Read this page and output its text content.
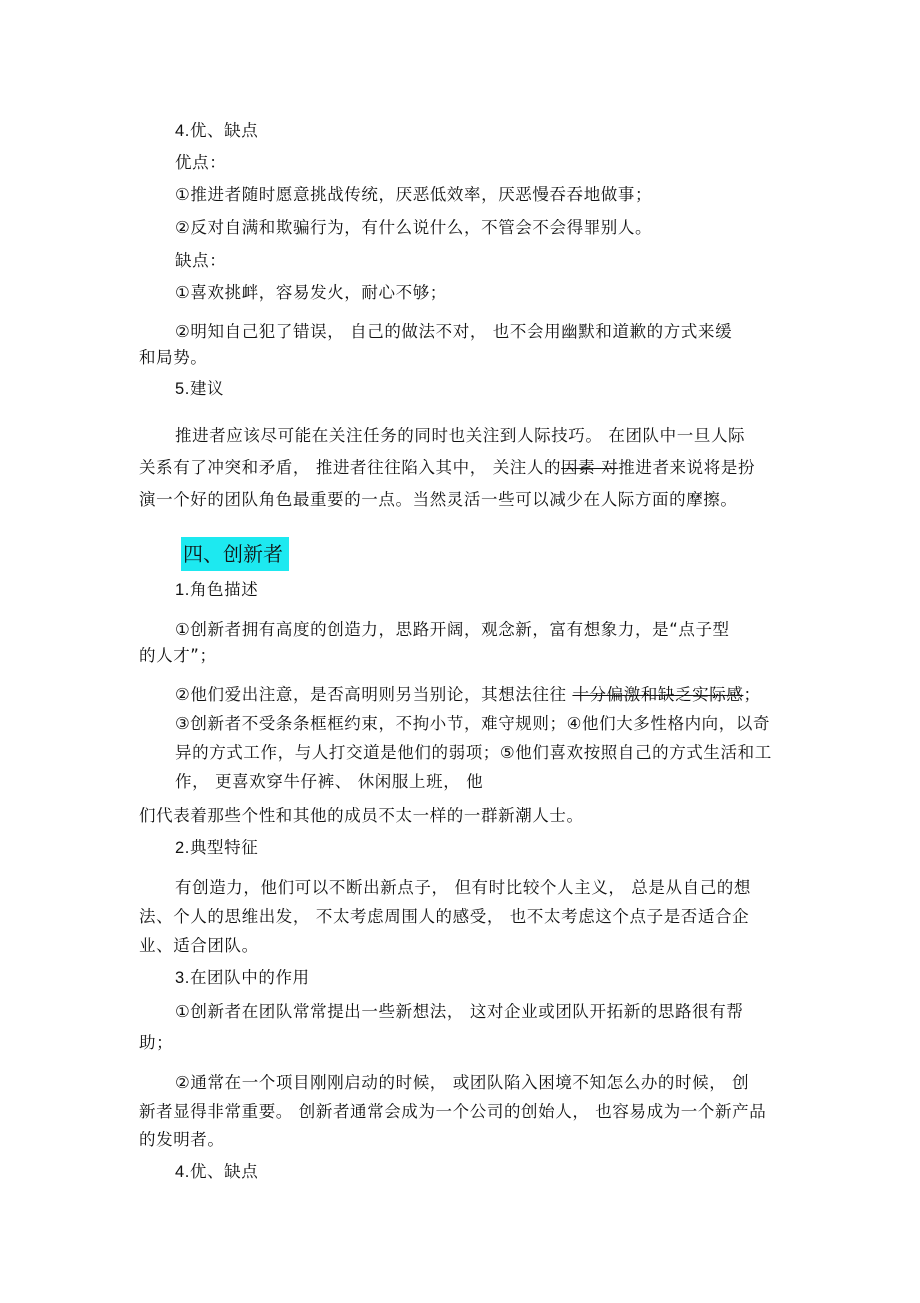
4.优、缺点
优点：
①推进者随时愿意挑战传统，厌恶低效率，厌恶慢吞吞地做事；
②反对自满和欺骗行为，有什么说什么，不管会不会得罪别人。
缺点：
①喜欢挑衅，容易发火，耐心不够；
②明知自己犯了错误， 自己的做法不对， 也不会用幽默和道歉的方式来缓
和局势。
5.建议
推进者应该尽可能在关注任务的同时也关注到人际技巧。 在团队中一旦人际
关系有了冲突和矛盾， 推进者往往陷入其中， 关注人的因素 对推进者来说将是扮
演一个好的团队角色最重要的一点。当然灵活一些可以减少在人际方面的摩擦。
四、创新者
1.角色描述
①创新者拥有高度的创造力，思路开阔，观念新，富有想象力，是“点子型
的人才”；
②他们爱出注意，是否高明则另当别论，其想法往往 十分偏激和缺乏实际感；
③创新者不受条条框框约束，不拘小节，难守规则；④他们大多性格内向，以奇
异的方式工作，与人打交道是他们的弱项；⑤他们喜欢按照自己的方式生活和工
作， 更喜欢穿牛仔裤、 休闲服上班， 他
们代表着那些个性和其他的成员不太一样的一群新潮人士。
2.典型特征
有创造力，他们可以不断出新点子， 但有时比较个人主义， 总是从自己的想
法、个人的思维出发， 不太考虑周围人的感受， 也不太考虑这个点子是否适合企
业、适合团队。
3.在团队中的作用
①创新者在团队常常提出一些新想法， 这对企业或团队开拓新的思路很有帮
助；
②通常在一个项目刚刚启动的时候， 或团队陷入困境不知怎么办的时候， 创
新者显得非常重要。 创新者通常会成为一个公司的创始人， 也容易成为一个新产品
的发明者。
4.优、缺点
